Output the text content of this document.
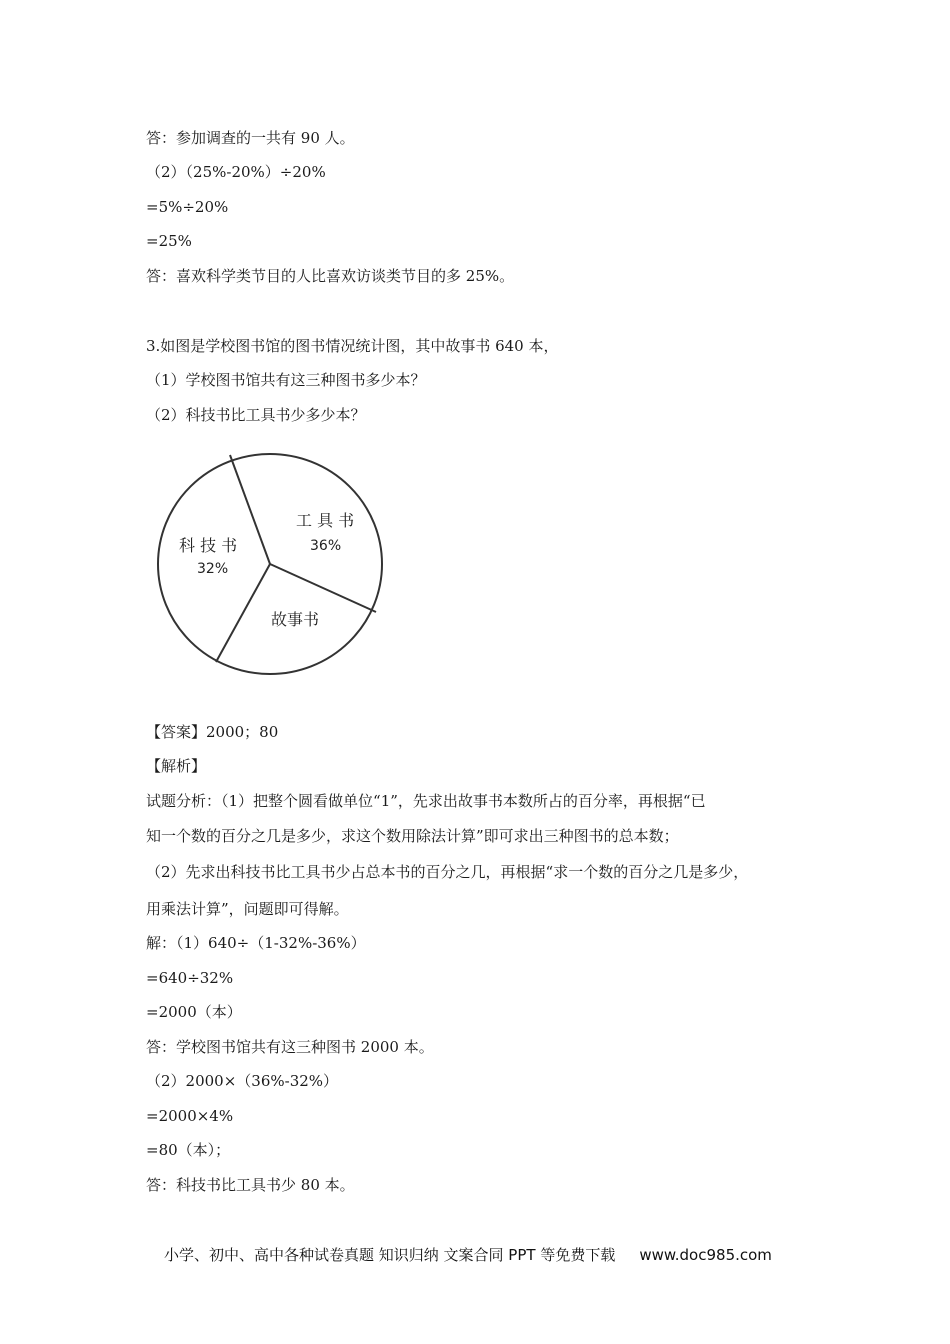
答：参加调查的一共有 90 人。
（2）（25%-20%）÷20%
=5%÷20%
=25%
答：喜欢科学类节目的人比喜欢访谈类节目的多 25%。
3.如图是学校图书馆的图书情况统计图，其中故事书 640 本，
（1）学校图书馆共有这三种图书多少本？
（2）科技书比工具书少多少本？
工 具 书
36%
科 技 书
32%
故事书
【答案】2000；80
【解析】
试题分析：（1）把整个圆看做单位“1”，先求出故事书本数所占的百分率，再根据“已
知一个数的百分之几是多少，求这个数用除法计算”即可求出三种图书的总本数；
（2）先求出科技书比工具书少占总本书的百分之几，再根据“求一个数的百分之几是多少，
用乘法计算”，问题即可得解。
解：（1）640÷（1-32%-36%）
=640÷32%
=2000（本）
答：学校图书馆共有这三种图书 2000 本。
（2）2000×（36%-32%）
=2000×4%
=80（本）；
答：科技书比工具书少 80 本。
小学、初中、高中各种试卷真题 知识归纳 文案合同 PPT 等免费下载 www.doc985.com
